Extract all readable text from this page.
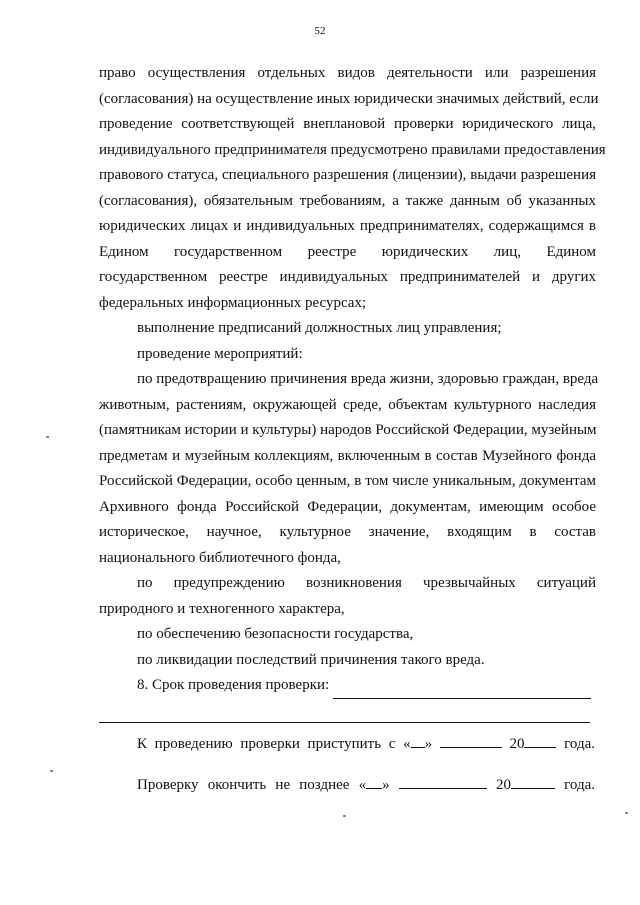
52
право осуществления отдельных видов деятельности или разрешения
(согласования) на осуществление иных юридически значимых действий, если
проведение соответствующей внеплановой проверки юридического лица,
индивидуального предпринимателя предусмотрено правилами предоставления
правового статуса, специального разрешения (лицензии), выдачи разрешения
(согласования), обязательным требованиям, а также данным об указанных
юридических лицах и индивидуальных предпринимателях, содержащимся в
Едином государственном реестре юридических лиц, Едином
государственном реестре индивидуальных предпринимателей и других
федеральных информационных ресурсах;
выполнение предписаний должностных лиц управления;
проведение мероприятий:
по предотвращению причинения вреда жизни, здоровью граждан, вреда
животным, растениям, окружающей среде, объектам культурного наследия
(памятникам истории и культуры) народов Российской Федерации, музейным
предметам и музейным коллекциям, включенным в состав Музейного фонда
Российской Федерации, особо ценным, в том числе уникальным, документам
Архивного фонда Российской Федерации, документам, имеющим особое
историческое, научное, культурное значение, входящим в состав
национального библиотечного фонда,
по предупреждению возникновения чрезвычайных ситуаций
природного и техногенного характера,
по обеспечению безопасности государства,
по ликвидации последствий причинения такого вреда.
8. Срок проведения проверки:
К проведению проверки приступить с « »	20	года.
Проверку окончить не позднее « »	20	года.
